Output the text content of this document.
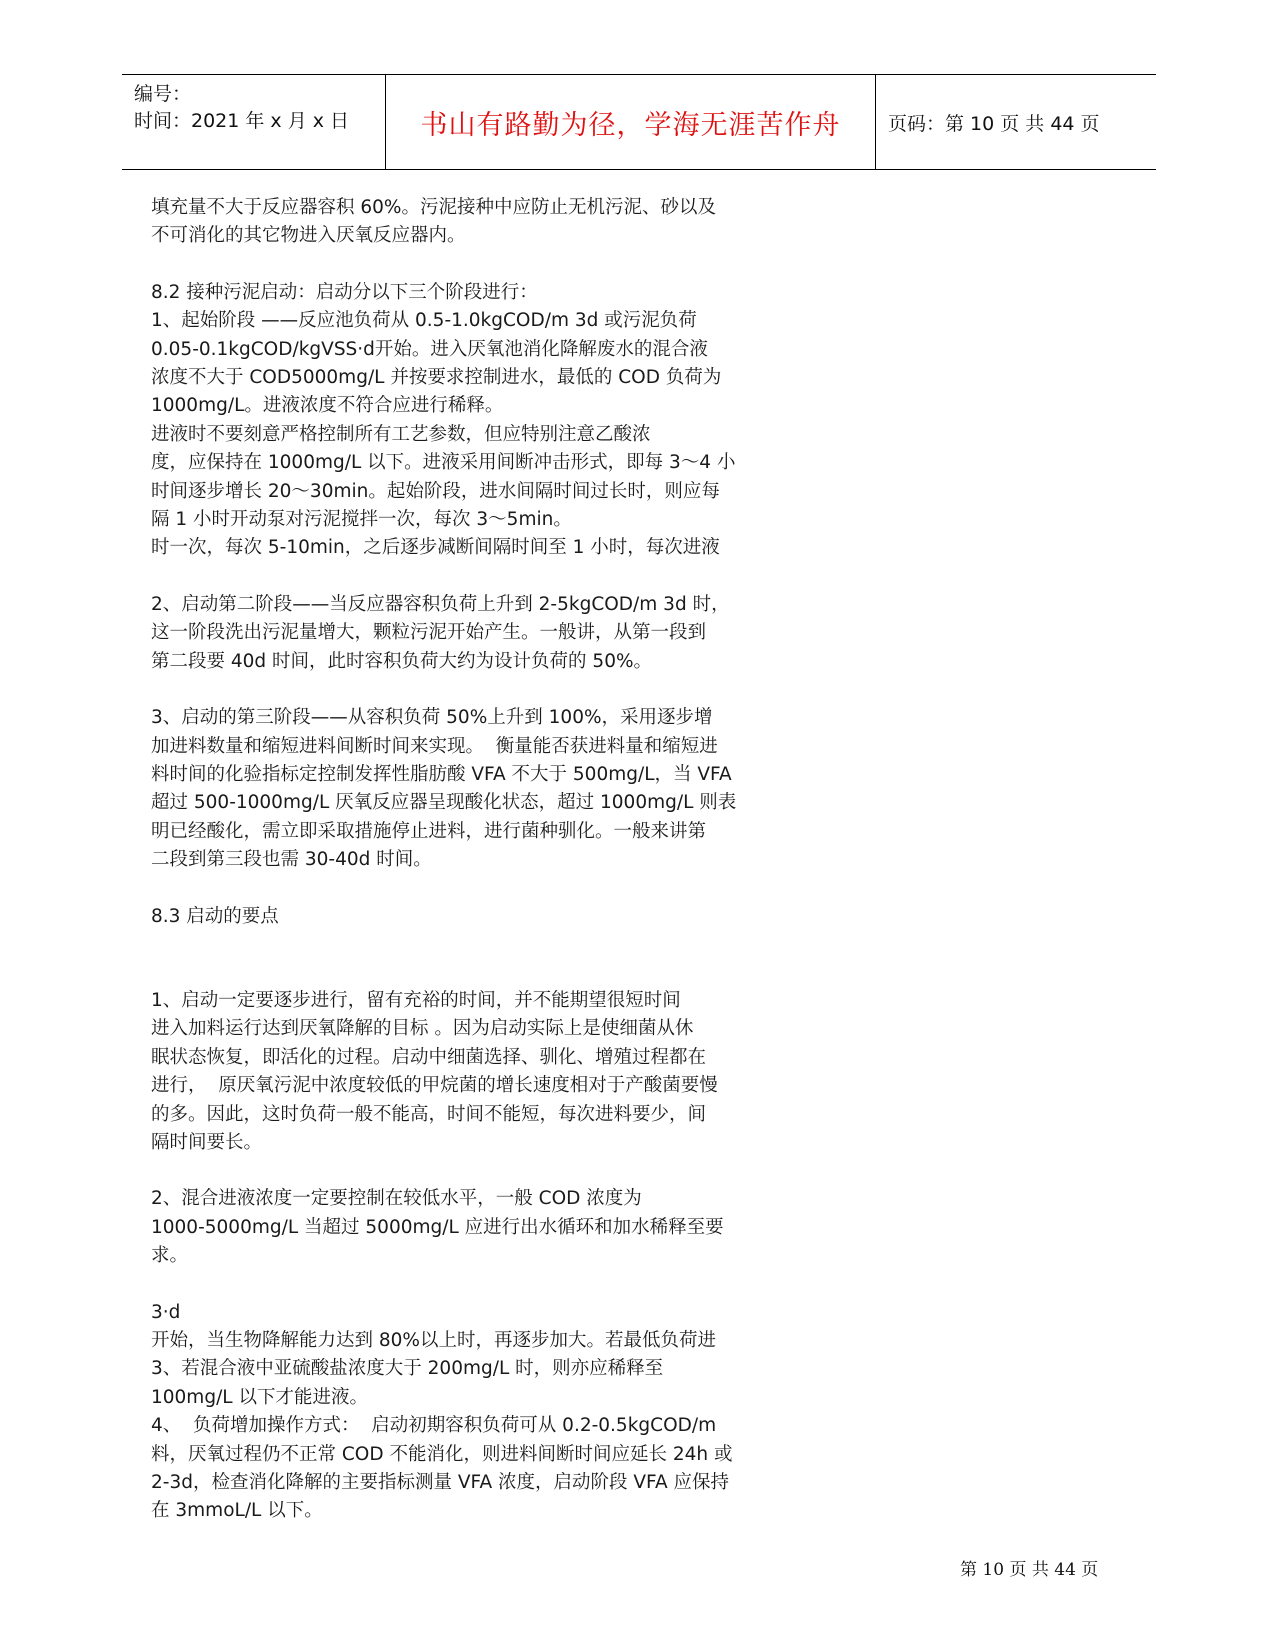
编号：
时间：2021 年 x 月 x 日	书山有路勤为径，学海无涯苦作舟	页码：第 10 页 共 44 页
填充量不大于反应器容积 60%。污泥接种中应防止无机污泥、砂以及
不可消化的其它物进入厌氧反应器内。
8.2 接种污泥启动：启动分以下三个阶段进行：
1、起始阶段 ——反应池负荷从 0.5-1.0kgCOD/m 3d 或污泥负荷
0.05-0.1kgCOD/kgVSS·d开始。进入厌氧池消化降解废水的混合液
浓度不大于 COD5000mg/L 并按要求控制进水，最低的 COD 负荷为
1000mg/L。进液浓度不符合应进行稀释。
进液时不要刻意严格控制所有工艺参数，但应特别注意乙酸浓
度，应保持在 1000mg/L 以下。进液采用间断冲击形式，即每 3～4 小
时间逐步增长 20～30min。起始阶段，进水间隔时间过长时，则应每
隔 1 小时开动泵对污泥搅拌一次，每次 3～5min。
时一次，每次 5-10min，之后逐步减断间隔时间至 1 小时，每次进液
2、启动第二阶段——当反应器容积负荷上升到 2-5kgCOD/m 3d 时，
这一阶段洗出污泥量增大，颗粒污泥开始产生。一般讲，从第一段到
第二段要 40d 时间，此时容积负荷大约为设计负荷的 50%。
3、启动的第三阶段——从容积负荷 50%上升到 100%，采用逐步增
加进料数量和缩短进料间断时间来实现。  衡量能否获进料量和缩短进
料时间的化验指标定控制发挥性脂肪酸 VFA 不大于 500mg/L，当 VFA
超过 500-1000mg/L 厌氧反应器呈现酸化状态，超过 1000mg/L 则表
明已经酸化，需立即采取措施停止进料，进行菌种驯化。一般来讲第
二段到第三段也需 30-40d 时间。
8.3 启动的要点
1、启动一定要逐步进行，留有充裕的时间，并不能期望很短时间
进入加料运行达到厌氧降解的目标 。因为启动实际上是使细菌从休
眠状态恢复，即活化的过程。启动中细菌选择、驯化、增殖过程都在
进行，  原厌氧污泥中浓度较低的甲烷菌的增长速度相对于产酸菌要慢
的多。因此，这时负荷一般不能高，时间不能短，每次进料要少，间
隔时间要长。
2、混合进液浓度一定要控制在较低水平，一般 COD 浓度为
1000-5000mg/L 当超过 5000mg/L 应进行出水循环和加水稀释至要
求。
3·d
开始，当生物降解能力达到 80%以上时，再逐步加大。若最低负荷进
3、若混合液中亚硫酸盐浓度大于 200mg/L 时，则亦应稀释至
100mg/L 以下才能进液。
4、  负荷增加操作方式：  启动初期容积负荷可从 0.2-0.5kgCOD/m
料，厌氧过程仍不正常 COD 不能消化，则进料间断时间应延长 24h 或
2-3d，检查消化降解的主要指标测量 VFA 浓度，启动阶段 VFA 应保持
在 3mmoL/L 以下。
第 10 页 共 44 页
